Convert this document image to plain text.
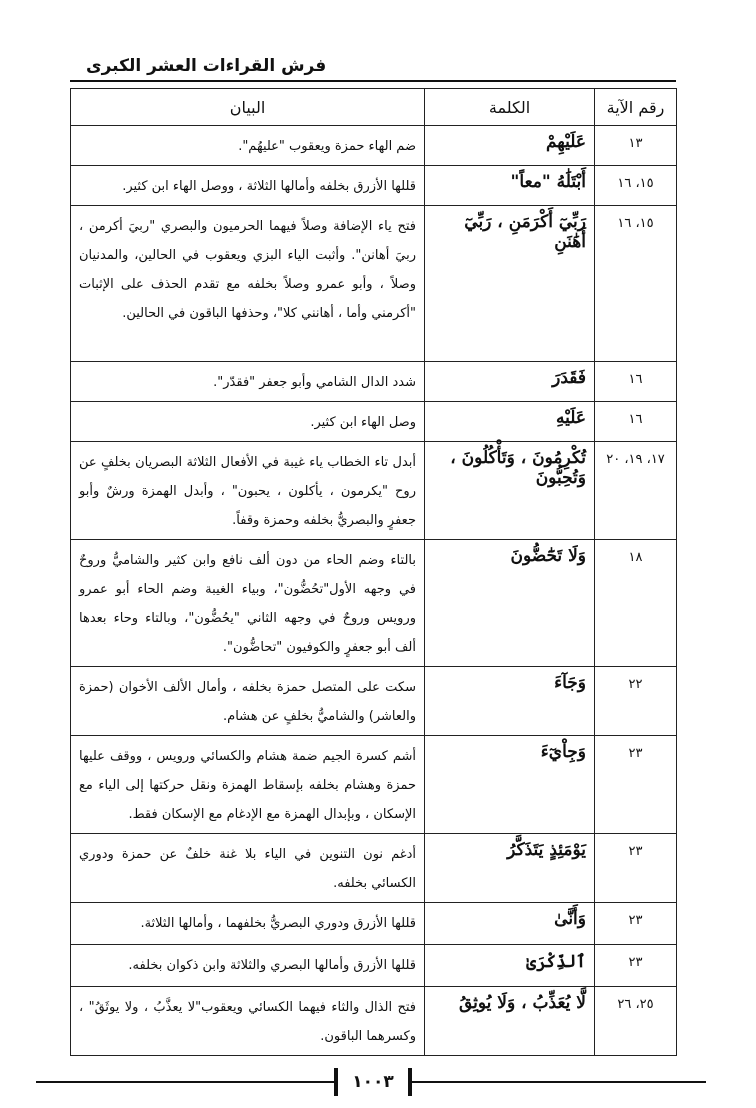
فرش القراءات العشر الكبرى
رقم الآية	الكلمة	البيان
١٣	عَلَيْهِمْ	ضم الهاء حمزة ويعقوب "عليهُم".
١٥، ١٦	أَبْتَلَٰهُ "معاً"	قللها الأزرق بخلفه وأمالها الثلاثة ، ووصل الهاء ابن كثير.
١٥، ١٦	رَبِّيٓ أَكْرَمَنِ ، رَبِّيٓ أَهَٰنَنِ	فتح ياء الإضافة وصلاً فيهما الحرميون والبصري "ربيَ أكرمن ، ربيَ أهانن". وأثبت الياء البزي ويعقوب في الحالين، والمدنيان وصلاً ، وأبو عمرو وصلاً بخلفه مع تقدم الحذف على الإثبات "أكرمني وأما ، أهانني كلا"، وحذفها الباقون في الحالين.
١٦	فَقَدَرَ	شدد الدال الشامي وأبو جعفر "فقدّر".
١٦	عَلَيْهِ	وصل الهاء ابن كثير.
١٧، ١٩، ٢٠	تُكْرِمُونَ ، وَتَأْكُلُونَ ، وَتُحِبُّونَ	أبدل تاء الخطاب ياء غيبة في الأفعال الثلاثة البصريان بخلفٍ عن روح "يكرمون ، يأكلون ، يحبون" ، وأبدل الهمزة ورشٌ وأبو جعفرٍ والبصريُّ بخلفه وحمزة وقفاً.
١٨	وَلَا تَحَٰٓضُّونَ	بالتاء وضم الحاء من دون ألف نافع وابن كثير والشاميُّ وروحٌ في وجهه الأول"تحُضُّون"، وبياء الغيبة وضم الحاء أبو عمرو ورويس وروحٌ في وجهه الثاني "يحُضُّون"، وبالتاء وحاء بعدها ألف أبو جعفرٍ والكوفيون "تحاضُّون".
٢٢	وَجَآءَ	سكت على المتصل حمزة بخلفه ، وأمال الألف الأخوان (حمزة والعاشر) والشاميُّ بخلفٍ عن هشام.
٢٣	وَجِاْيٓءَ	أشم كسرة الجيم ضمة هشام والكسائي ورويس ، ووقف عليها حمزة وهشام بخلفه بإسقاط الهمزة ونقل حركتها إلى الياء مع الإسكان ، وبإبدال الهمزة مع الإدغام مع الإسكان فقط.
٢٣	يَوْمَئِذٍ يَتَذَكَّرُ	أدغم نون التنوين في الياء بلا غنة خلفٌ عن حمزة ودوري الكسائي بخلفه.
٢٣	وَأَنَّىٰ	قللها الأزرق ودوري البصريُّ بخلفهما ، وأمالها الثلاثة.
٢٣	ٱلذِّكْرَىٰ	قللها الأزرق وأمالها البصري والثلاثة وابن ذكوان بخلفه.
٢٥، ٢٦	لَّا يُعَذِّبُ ، وَلَا يُوثِقُ	فتح الذال والثاء فيهما الكسائي ويعقوب"لا يعذَّبُ ، ولا يوثَقُ" ، وكسرهما الباقون.
١٠٠٣
